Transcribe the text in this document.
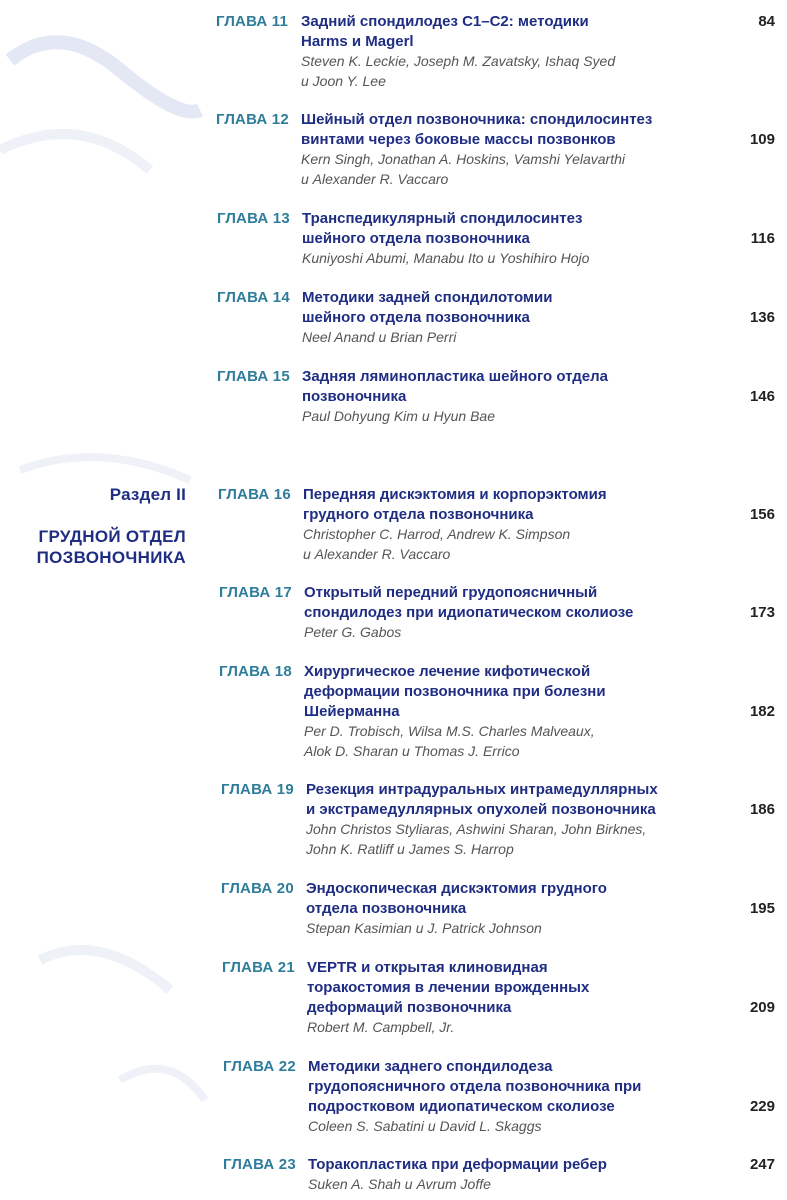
Раздел II
ГРУДНОЙ ОТДЕЛ
ПОЗВОНОЧНИКА
ГЛАВА 11 Задний спондилодез С1–С2: методики
Harms и Magerl
Steven K. Leckie, Joseph M. Zavatsky, Ishaq Syed
и Joon Y. Lee
84
ГЛАВА 12 Шейный отдел позвоночника: спондилосинтез
винтами через боковые массы позвонков
Kern Singh, Jonathan A. Hoskins, Vamshi Yelavarthi
и Alexander R. Vaccaro
109
ГЛАВА 13 Транспедикулярный спондилосинтез
шейного отдела позвоночника
Kuniyoshi Abumi, Manabu Ito и Yoshihiro Hojo
116
ГЛАВА 14 Методики задней спондилотомии
шейного отдела позвоночника
Neel Anand и Brian Perri
136
ГЛАВА 15 Задняя ляминопластика шейного отдела
позвоночника
Paul Dohyung Kim и Hyun Bae
146
ГЛАВА 16 Передняя дискэктомия и корпорэктомия
грудного отдела позвоночника
Christopher C. Harrod, Andrew K. Simpson
и Alexander R. Vaccaro
156
ГЛАВА 17 Открытый передний грудопоясничный
спондилодез при идиопатическом сколиозе
Peter G. Gabos
173
ГЛАВА 18 Хирургическое лечение кифотической
деформации позвоночника при болезни
Шейерманна
Per D. Trobisch, Wilsa M.S. Charles Malveaux,
Alok D. Sharan и Thomas J. Errico
182
ГЛАВА 19 Резекция интрадуральных интрамедуллярных
и экстрамедуллярных опухолей позвоночника
John Christos Styliaras, Ashwini Sharan, John Birknes,
John K. Ratliff и James S. Harrop
186
ГЛАВА 20 Эндоскопическая дискэктомия грудного
отдела позвоночника
Stepan Kasimian и J. Patrick Johnson
195
ГЛАВА 21 VEPTR и открытая клиновидная
торакостомия в лечении врожденных
деформаций позвоночника
Robert M. Campbell, Jr.
209
ГЛАВА 22 Методики заднего спондилодеза
грудопоясничного отдела позвоночника при
подростковом идиопатическом сколиозе
Coleen S. Sabatini и David L. Skaggs
229
ГЛАВА 23 Торакопластика при деформации ребер
Suken A. Shah и Avrum Joffe
247
